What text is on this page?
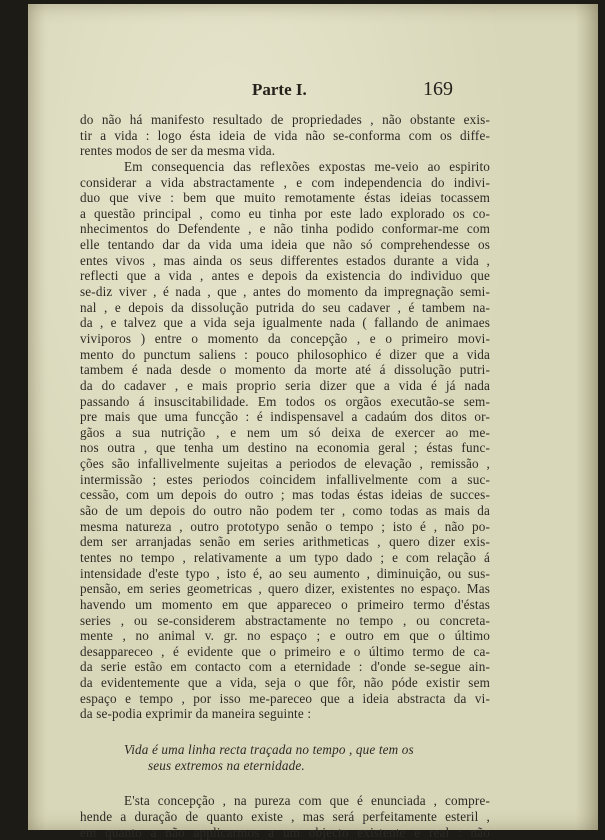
Parte I.	169
do não há manifesto resultado de propriedades , não obstante exis-
tir a vida : logo ésta ideia de vida não se-conforma com os diffe-
rentes modos de ser da mesma vida.
Em consequencia das reflexões expostas me-veio ao espirito
considerar a vida abstractamente , e com independencia do indivi-
duo que vive : bem que muito remotamente éstas ideias tocassem
a questão principal , como eu tinha por este lado explorado os co-
nhecimentos do Defendente , e não tinha podido conformar-me com
elle tentando dar da vida uma ideia que não só comprehendesse os
entes vivos , mas ainda os seus differentes estados durante a vida ,
reflecti que a vida , antes e depois da existencia do individuo que
se-diz viver , é nada , que , antes do momento da impregnação semi-
nal , e depois da dissolução putrida do seu cadaver , é tambem na-
da , e talvez que a vida seja igualmente nada ( fallando de animaes
viviporos ) entre o momento da concepção , e o primeiro movi-
mento do punctum saliens : pouco philosophico é dizer que a vida
tambem é nada desde o momento da morte até á dissolução putri-
da do cadaver , e mais proprio seria dizer que a vida é já nada
passando á insuscitabilidade. Em todos os orgãos executão-se sem-
pre mais que uma funcção : é indispensavel a cadaúm dos ditos or-
gãos a sua nutrição , e nem um só deixa de exercer ao me-
nos outra , que tenha um destino na economia geral ; éstas func-
ções são infallivelmente sujeitas a periodos de elevação , remissão ,
intermissão ; estes periodos coincidem infallivelmente com a suc-
cessão, com um depois do outro ; mas todas éstas ideias de succes-
são de um depois do outro não podem ter , como todas as mais da
mesma natureza , outro prototypo senão o tempo ; isto é , não po-
dem ser arranjadas senão em series arithmeticas , quero dizer exis-
tentes no tempo , relativamente a um typo dado ; e com relação á
intensidade d'este typo , isto é, ao seu aumento , diminuição, ou sus-
pensão, em series geometricas , quero dizer, existentes no espaço. Mas
havendo um momento em que appareceo o primeiro termo d'éstas
series , ou se-considerem abstractamente no tempo , ou concreta-
mente , no animal v. gr. no espaço ; e outro em que o último
desappareceo , é evidente que o primeiro e o último termo de ca-
da serie estão em contacto com a eternidade : d'onde se-segue ain-
da evidentemente que a vida, seja o que fôr, não póde existir sem
espaço e tempo , por isso me-pareceo que a ideia abstracta da vi-
da se-podia exprimir da maneira seguinte :
Vida é uma linha recta traçada no tempo , que tem os
seus extremos na eternidade.
E'sta concepção , na pureza com que é enunciada , compre-
hende a duração de quanto existe , mas será perfeitamente esteril ,
em quanto a não applicarmos a um objecto existente e real : não
